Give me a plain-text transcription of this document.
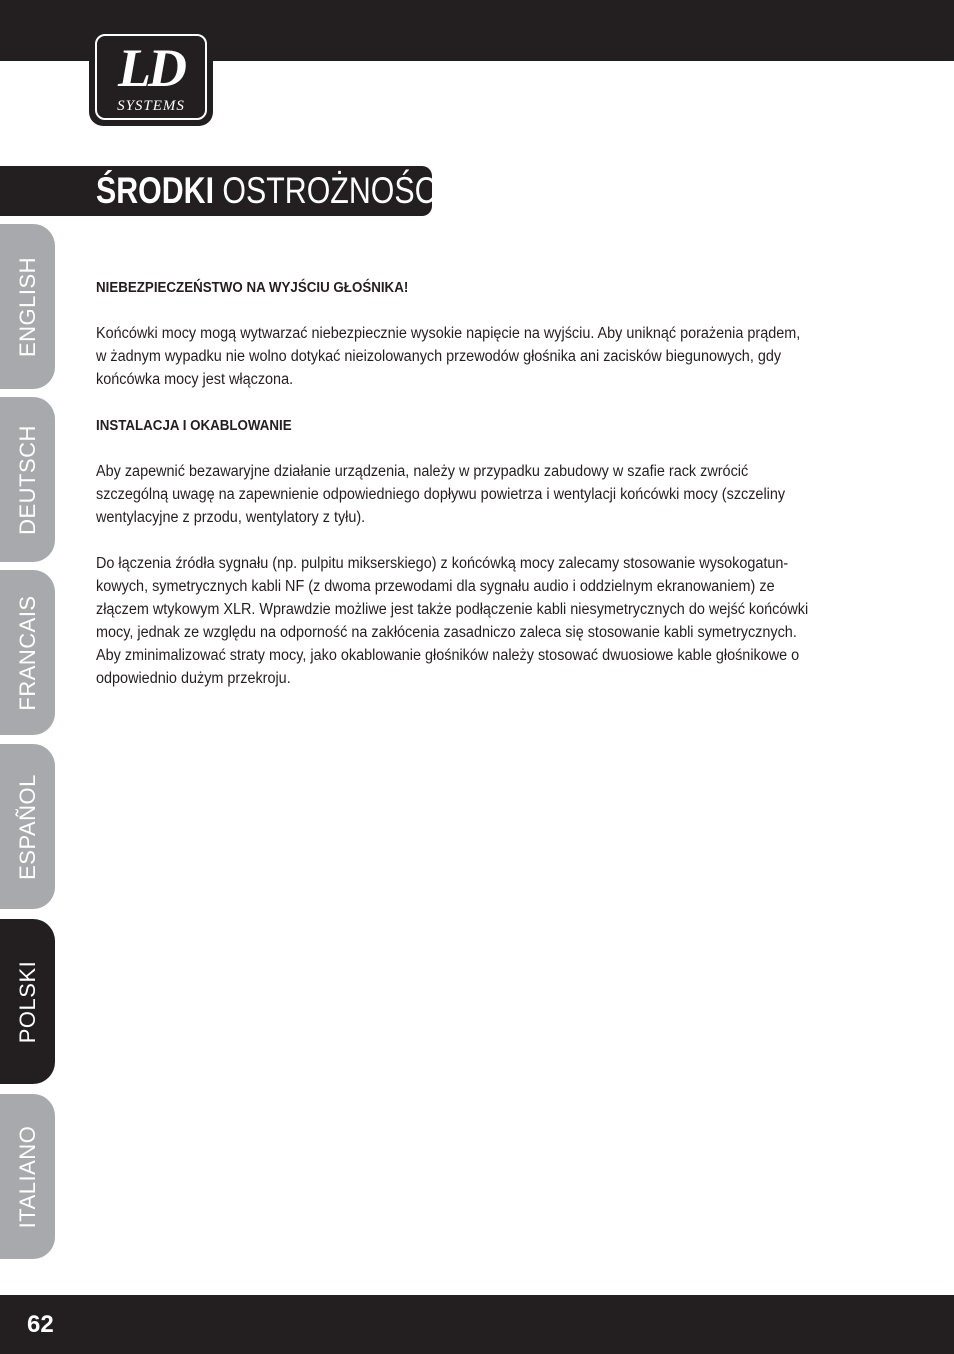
LD
SYSTEMS
ŚRODKI OSTROŻNOŚCI:
ENGLISH
DEUTSCH
FRANCAIS
ESPAÑOL
POLSKI
ITALIANO

NIEBEZPIECZEŃSTWO NA WYJŚCIU GŁOŚNIKA!

Końcówki mocy mogą wytwarzać niebezpiecznie wysokie napięcie na wyjściu. Aby uniknąć porażenia prądem,
w żadnym wypadku nie wolno dotykać nieizolowanych przewodów głośnika ani zacisków biegunowych, gdy
końcówka mocy jest włączona.

INSTALACJA I OKABLOWANIE

Aby zapewnić bezawaryjne działanie urządzenia, należy w przypadku zabudowy w szafie rack zwrócić
szczególną uwagę na zapewnienie odpowiedniego dopływu powietrza i wentylacji końcówki mocy (szczeliny
wentylacyjne z przodu, wentylatory z tyłu).

Do łączenia źródła sygnału (np. pulpitu mikserskiego) z końcówką mocy zalecamy stosowanie wysokogatun-
kowych, symetrycznych kabli NF (z dwoma przewodami dla sygnału audio i oddzielnym ekranowaniem) ze
złączem wtykowym XLR. Wprawdzie możliwe jest także podłączenie kabli niesymetrycznych do wejść końcówki
mocy, jednak ze względu na odporność na zakłócenia zasadniczo zaleca się stosowanie kabli symetrycznych.
Aby zminimalizować straty mocy, jako okablowanie głośników należy stosować dwuosiowe kable głośnikowe o
odpowiednio dużym przekroju.

62
